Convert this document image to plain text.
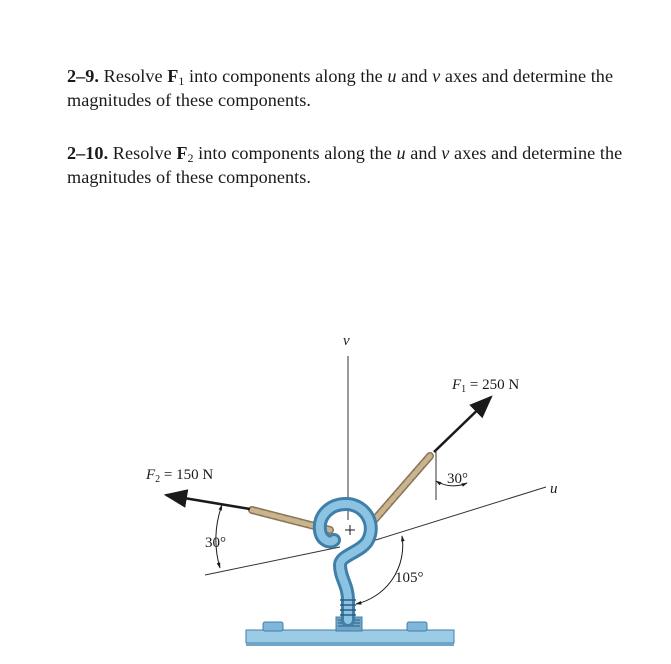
2–9. Resolve $F_1$ into components along the u and v axes and determine the magnitudes of these components.
2–10. Resolve $F_2$ into components along the u and v axes and determine the magnitudes of these components.
v
u
$F_1 = 250$ N
$F_2 = 150$ N	30°
30°
105°
